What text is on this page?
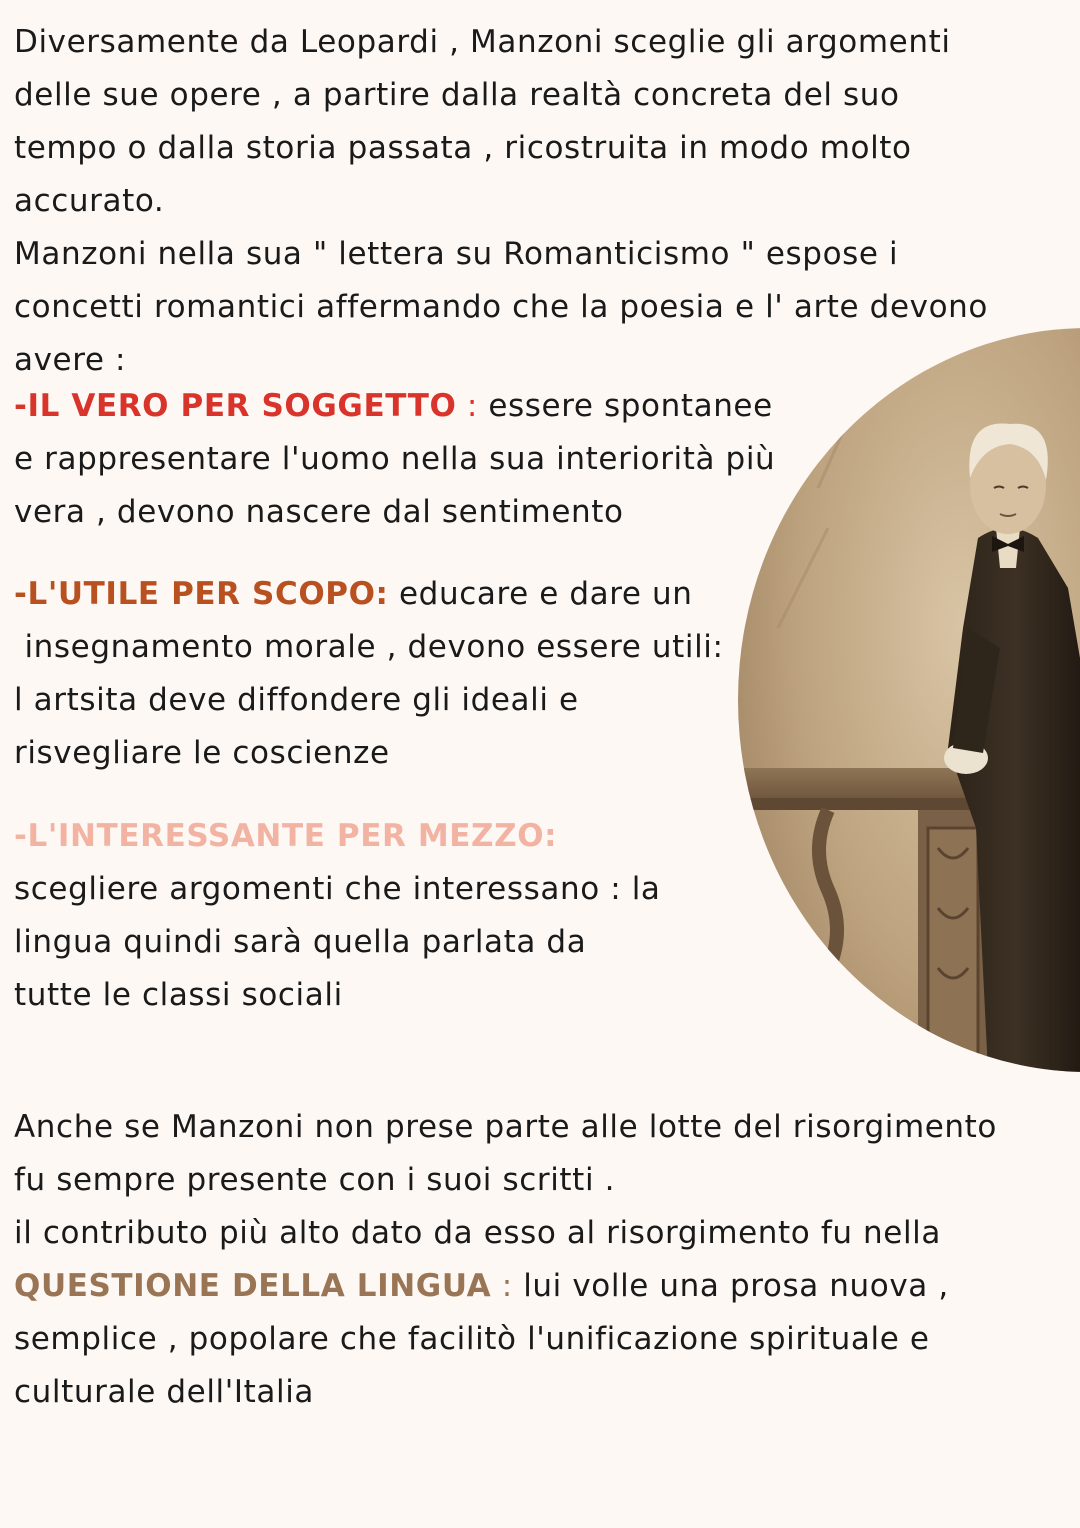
Diversamente da Leopardi , Manzoni sceglie gli argomenti
delle sue opere , a partire dalla realtà concreta del suo
tempo o dalla storia passata , ricostruita in modo molto
accurato.
Manzoni nella sua " lettera su Romanticismo " espose i
concetti romantici affermando che la poesia e l' arte devono
avere :

-IL VERO PER SOGGETTO : essere spontanee
e rappresentare l'uomo nella sua interiorità più
vera , devono nascere dal sentimento

-L'UTILE PER SCOPO: educare e dare un
insegnamento morale , devono essere utili:
l artsita deve diffondere gli ideali e
risvegliare le coscienze

-L'INTERESSANTE PER MEZZO:
scegliere argomenti che interessano : la
lingua quindi sarà quella parlata da
tutte le classi sociali

Anche se Manzoni non prese parte alle lotte del risorgimento
fu sempre presente con i suoi scritti .
il contributo più alto dato da esso al risorgimento fu nella
QUESTIONE DELLA LINGUA : lui volle una prosa nuova ,
semplice , popolare che facilitò l'unificazione spirituale e
culturale dell'Italia
